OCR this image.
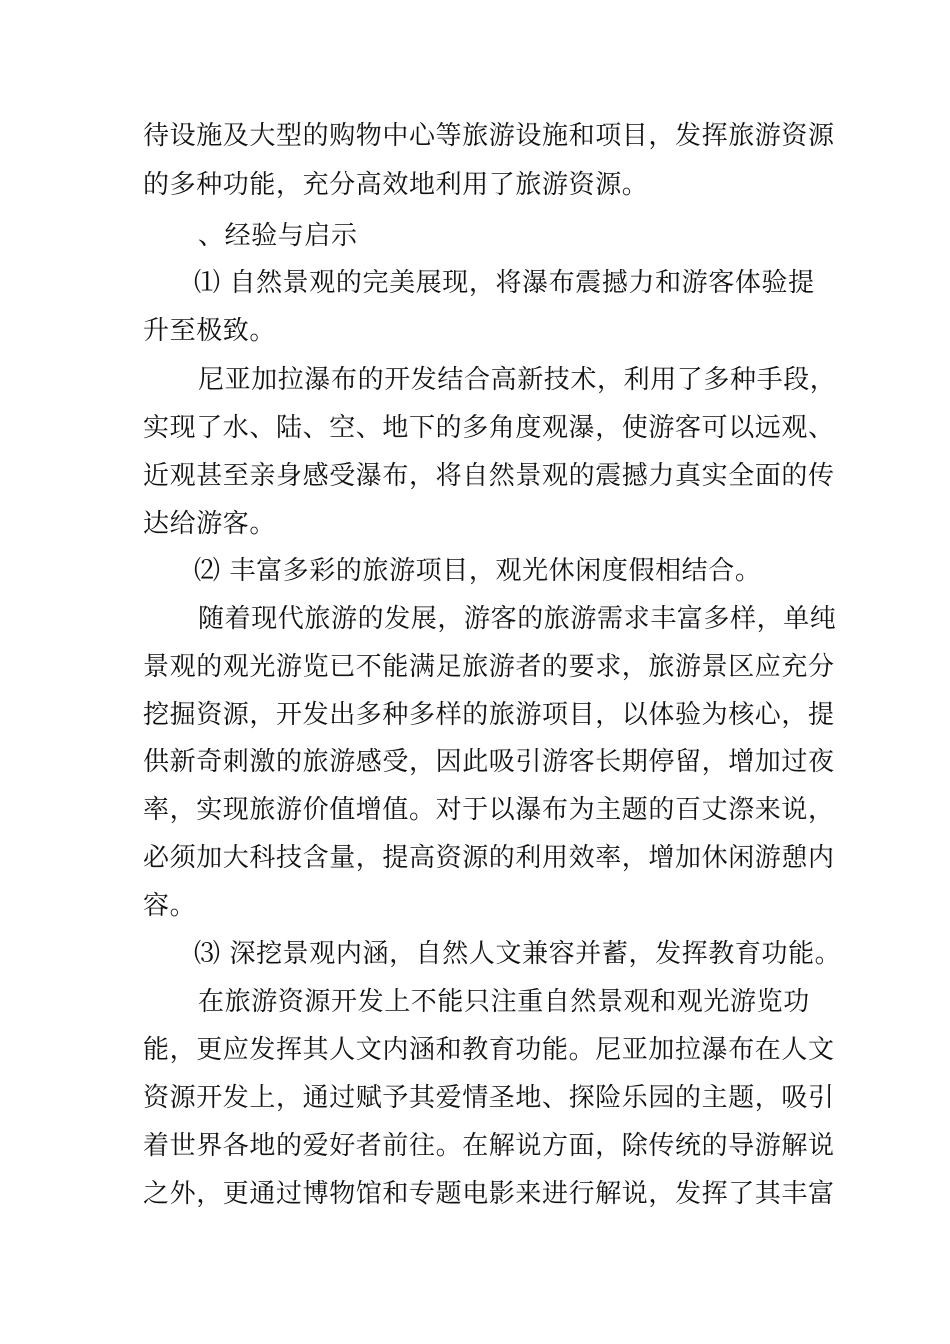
待设施及大型的购物中心等旅游设施和项目，发挥旅游资源
的多种功能，充分高效地利用了旅游资源。
、经验与启示
⑴ 自然景观的完美展现，将瀑布震撼力和游客体验提
升至极致。
尼亚加拉瀑布的开发结合高新技术，利用了多种手段，
实现了水、陆、空、地下的多角度观瀑，使游客可以远观、
近观甚至亲身感受瀑布，将自然景观的震撼力真实全面的传
达给游客。
⑵ 丰富多彩的旅游项目，观光休闲度假相结合。
随着现代旅游的发展，游客的旅游需求丰富多样，单纯
景观的观光游览已不能满足旅游者的要求，旅游景区应充分
挖掘资源，开发出多种多样的旅游项目，以体验为核心，提
供新奇刺激的旅游感受，因此吸引游客长期停留，增加过夜
率，实现旅游价值增值。对于以瀑布为主题的百丈漈来说，
必须加大科技含量，提高资源的利用效率，增加休闲游憩内
容。
⑶ 深挖景观内涵，自然人文兼容并蓄，发挥教育功能。
在旅游资源开发上不能只注重自然景观和观光游览功
能，更应发挥其人文内涵和教育功能。尼亚加拉瀑布在人文
资源开发上，通过赋予其爱情圣地、探险乐园的主题，吸引
着世界各地的爱好者前往。在解说方面，除传统的导游解说
之外，更通过博物馆和专题电影来进行解说，发挥了其丰富
